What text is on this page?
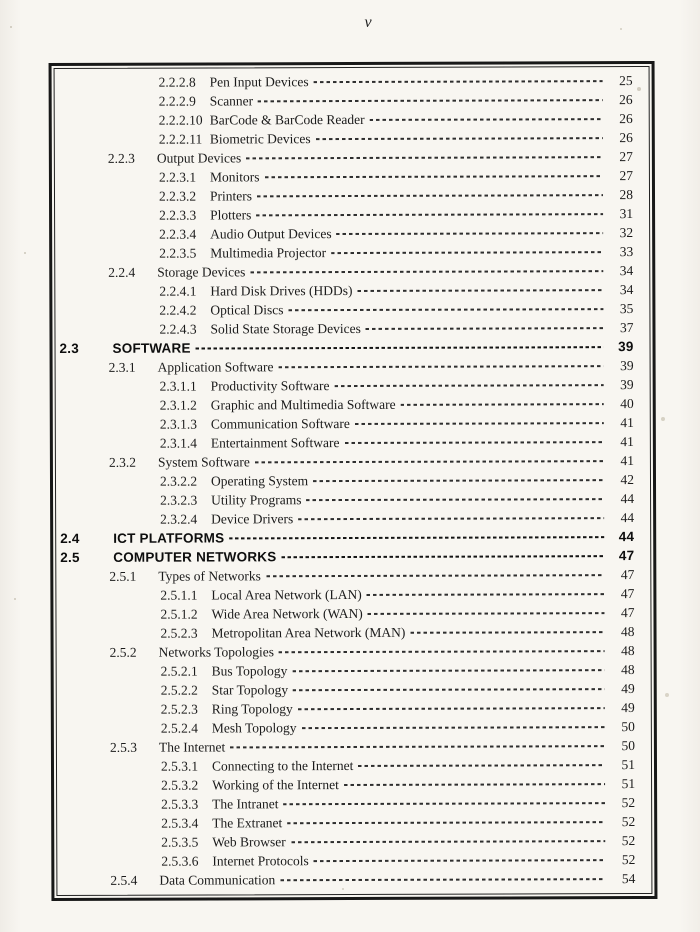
v
2.2.2.8	Pen Input Devices	25
2.2.2.9	Scanner	26
2.2.2.10 BarCode & BarCode Reader	26
2.2.2.11 Biometric Devices	26
2.2.3	Output Devices	27
2.2.3.1	Monitors	27
2.2.3.2	Printers	28
2.2.3.3	Plotters	31
2.2.3.4	Audio Output Devices	32
2.2.3.5	Multimedia Projector	33
2.2.4	Storage Devices	34
2.2.4.1	Hard Disk Drives (HDDs)	34
2.2.4.2	Optical Discs	35
2.2.4.3	Solid State Storage Devices	37
2.3	SOFTWARE	39
2.3.1	Application Software	39
2.3.1.1	Productivity Software	39
2.3.1.2	Graphic and Multimedia Software	40
2.3.1.3	Communication Software	41
2.3.1.4	Entertainment Software	41
2.3.2	System Software	41
2.3.2.2	Operating System	42
2.3.2.3	Utility Programs	44
2.3.2.4	Device Drivers	44
2.4	ICT PLATFORMS	44
2.5	COMPUTER NETWORKS	47
2.5.1	Types of Networks	47
2.5.1.1	Local Area Network (LAN)	47
2.5.1.2	Wide Area Network (WAN)	47
2.5.2.3	Metropolitan Area Network (MAN)	48
2.5.2	Networks Topologies	48
2.5.2.1	Bus Topology	48
2.5.2.2	Star Topology	49
2.5.2.3	Ring Topology	49
2.5.2.4	Mesh Topology	50
2.5.3	The Internet	50
2.5.3.1	Connecting to the Internet	51
2.5.3.2	Working of the Internet	51
2.5.3.3	The Intranet	52
2.5.3.4	The Extranet	52
2.5.3.5	Web Browser	52
2.5.3.6	Internet Protocols	52
2.5.4	Data Communication	54
